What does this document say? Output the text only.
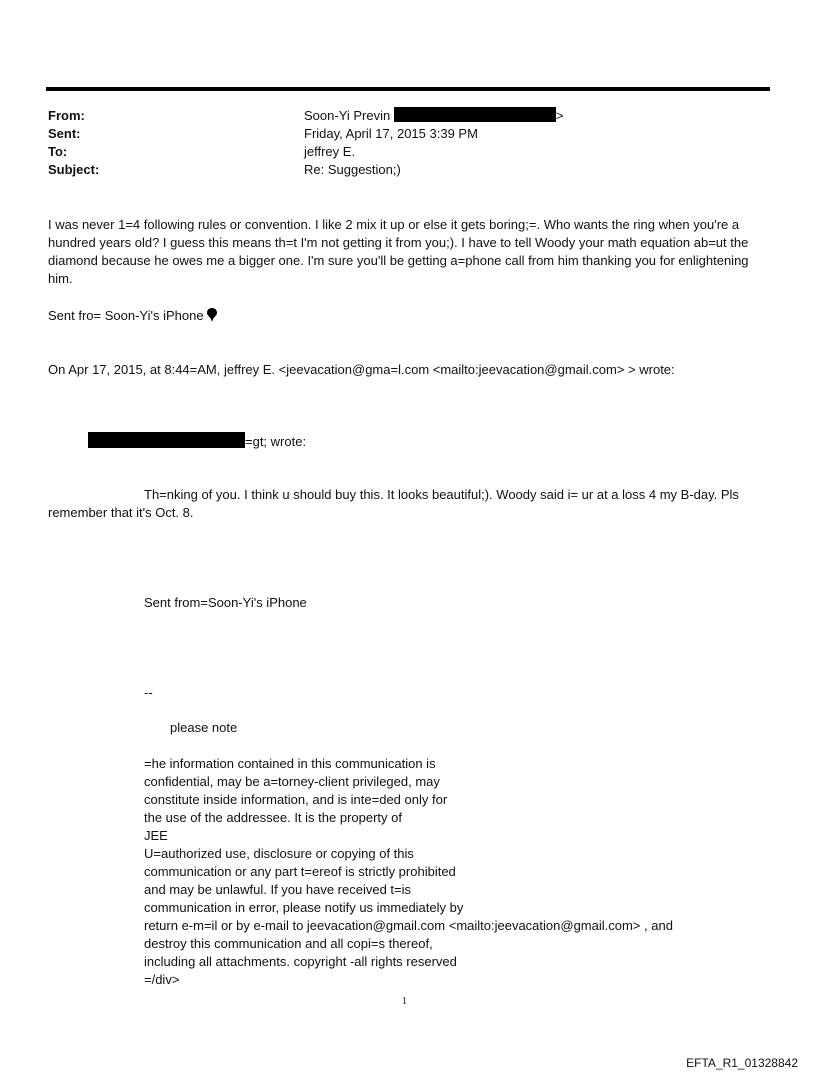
From:	Soon-Yi Previn	>
Sent:	Friday, April 17, 2015 3:39 PM
To:	jeffrey E.
Subject:	Re: Suggestion;)
I was never 1=4 following rules or convention. I like 2 mix it up or else it gets boring;=. Who wants the ring when you're a hundred years old? I guess this means th=t I'm not getting it from you;). I have to tell Woody your math equation ab=ut the diamond because he owes me a bigger one. I'm sure you'll be getting a=phone call from him thanking you for enlightening him.
Sent fro= Soon-Yi's iPhone
On Apr 17, 2015, at 8:44=AM, jeffrey E. <jeevacation@gma=l.com <mailto:jeevacation@gmail.com> > wrote:
=gt; wrote:
Th=nking of you. I think u should buy this. It looks beautiful;). Woody said i= ur at a loss 4 my B-day. Pls
remember that it's Oct. 8.
Sent from=Soon-Yi's iPhone
--
please note
=he information contained in this communication is
confidential, may be a=torney-client privileged, may
constitute inside information, and is inte=ded only for
the use of the addressee. It is the property of
JEE
U=authorized use, disclosure or copying of this
communication or any part t=ereof is strictly prohibited
and may be unlawful. If you have received t=is
communication in error, please notify us immediately by
return e-m=il or by e-mail to jeevacation@gmail.com <mailto:jeevacation@gmail.com> , and
destroy this communication and all copi=s thereof,
including all attachments. copyright -all rights reserved
=/div>
1
EFTA_R1_01328842
